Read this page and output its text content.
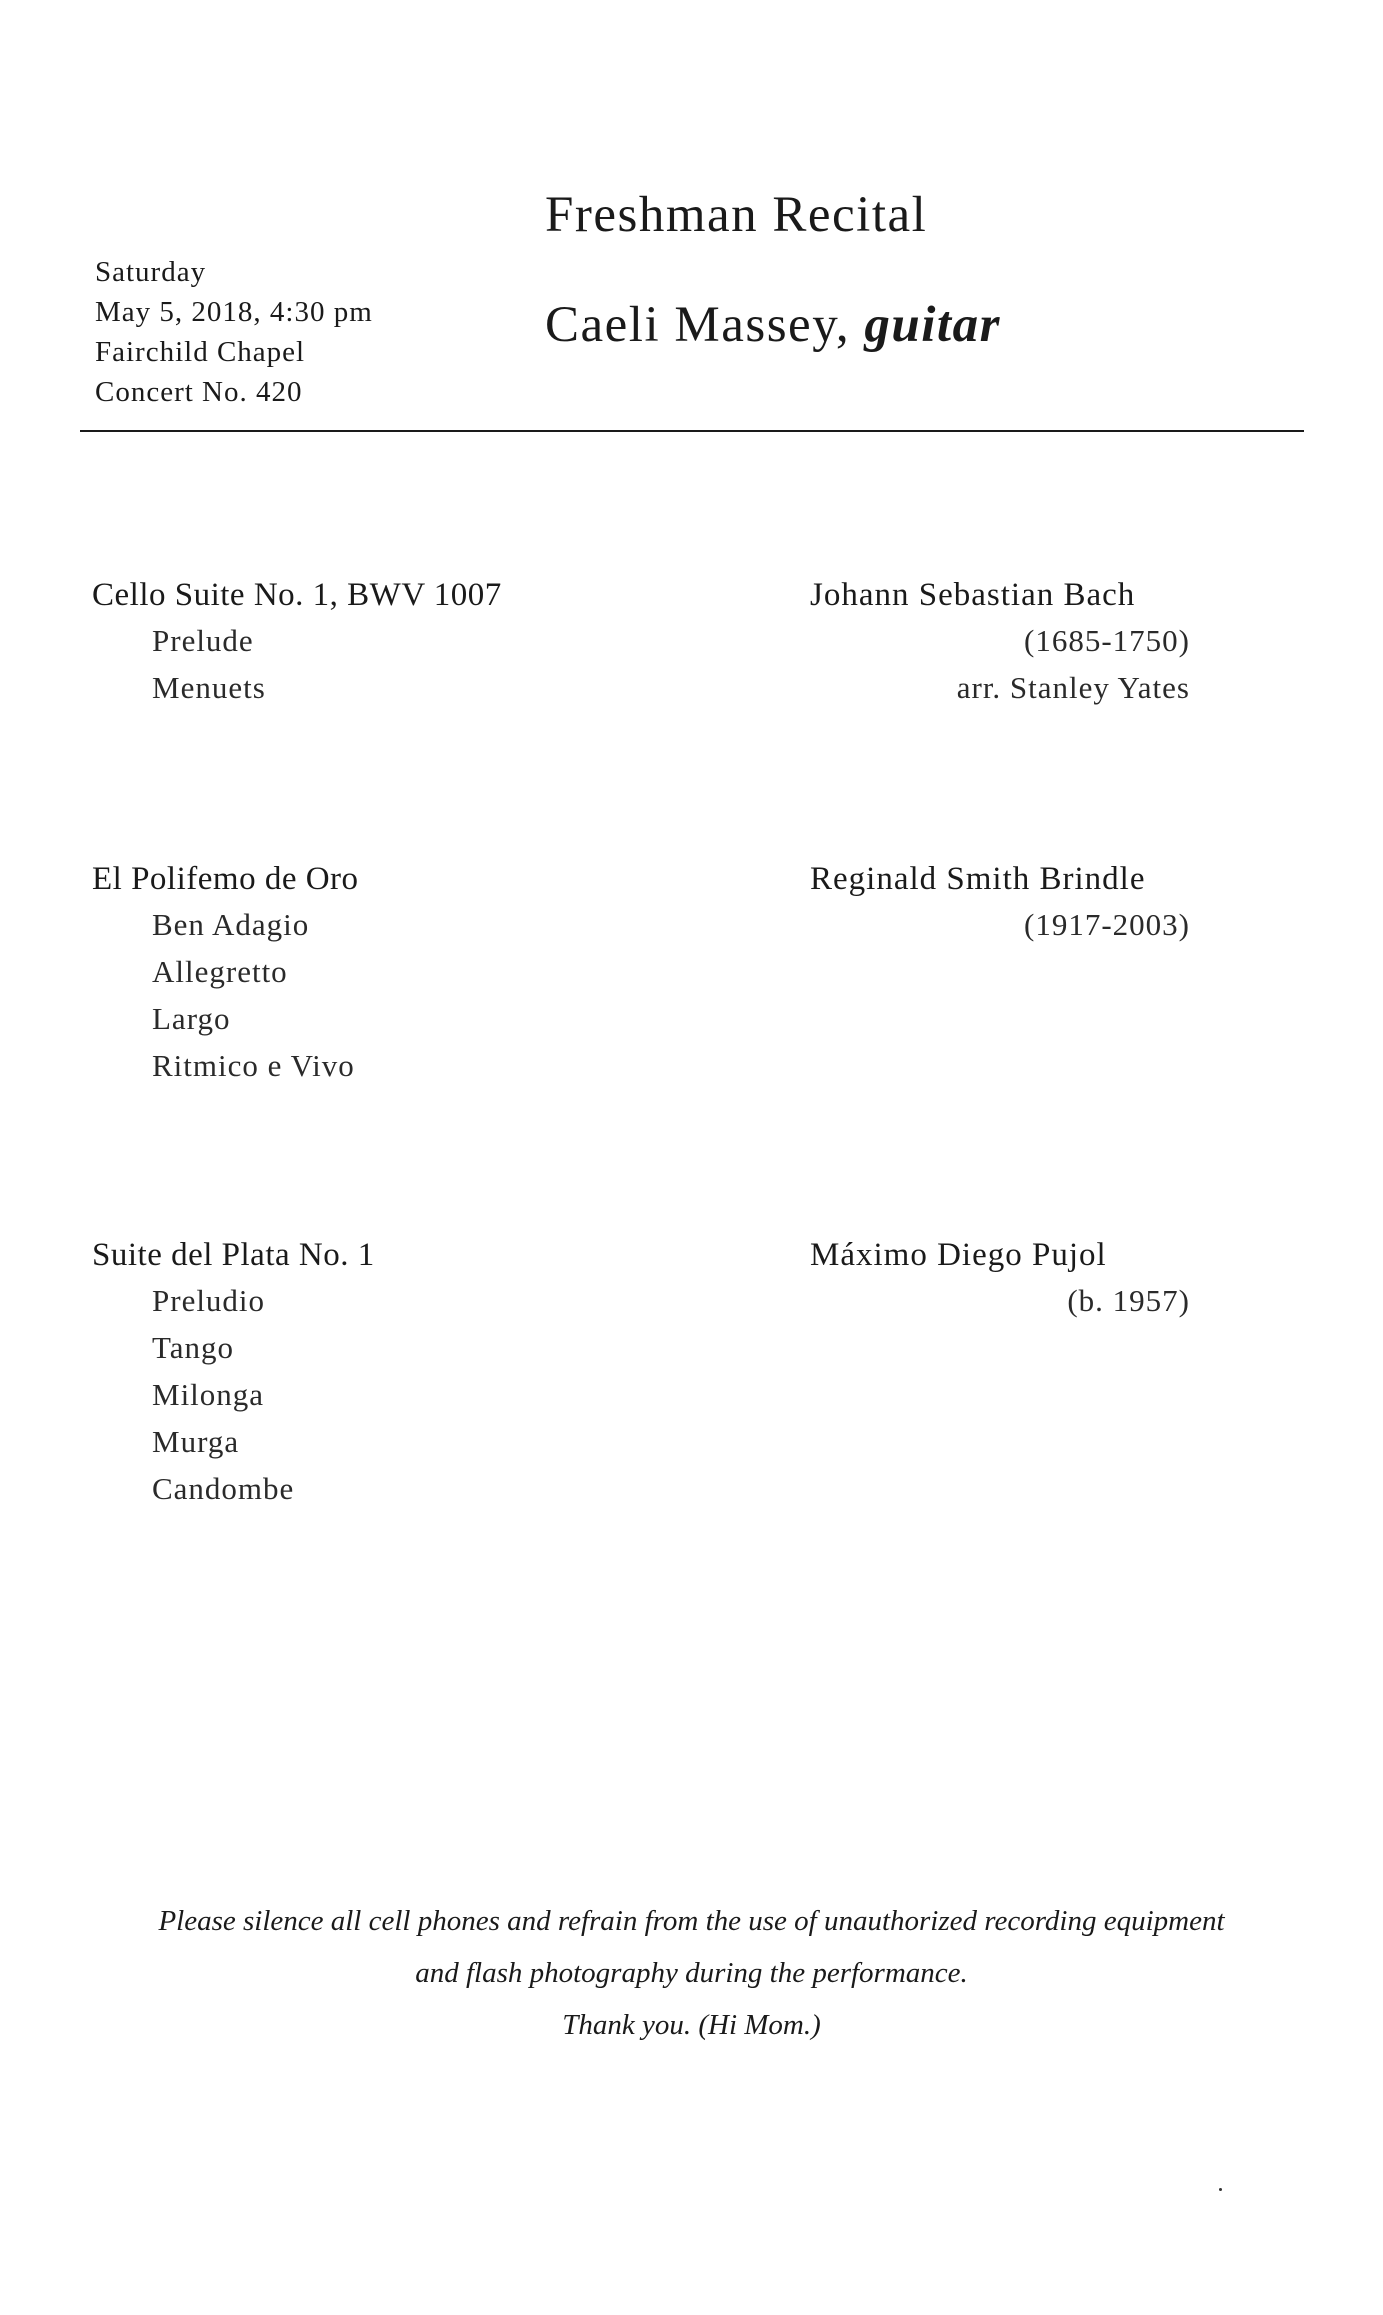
Saturday
May 5, 2018, 4:30 pm
Fairchild Chapel
Concert No. 420
Freshman Recital
Caeli Massey, guitar
Cello Suite No. 1, BWV 1007
Prelude
Menuets
Johann Sebastian Bach
(1685-1750)
arr. Stanley Yates
El Polifemo de Oro
Ben Adagio
Allegretto
Largo
Ritmico e Vivo
Reginald Smith Brindle
(1917-2003)
Suite del Plata No. 1
Preludio
Tango
Milonga
Murga
Candombe
Máximo Diego Pujol
(b. 1957)
Please silence all cell phones and refrain from the use of unauthorized recording equipment
and flash photography during the performance.
Thank you. (Hi Mom.)
